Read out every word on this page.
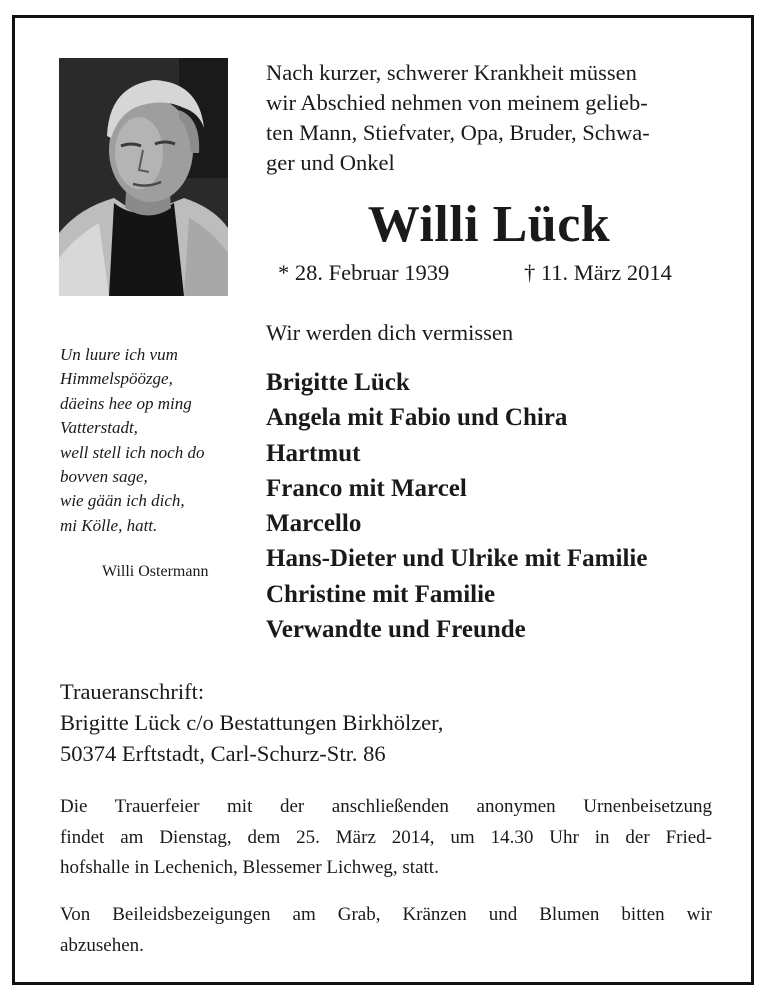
Nach kurzer, schwerer Krankheit müssen
wir Abschied nehmen von meinem gelieb-
ten Mann, Stiefvater, Opa, Bruder, Schwa-
ger und Onkel
Willi Lück
* 28. Februar 1939	† 11. März 2014
Wir werden dich vermissen
Brigitte Lück
Angela mit Fabio und Chira
Hartmut
Franco mit Marcel
Marcello
Hans-Dieter und Ulrike mit Familie
Christine mit Familie
Verwandte und Freunde
Un luure ich vum
Himmelspöözge,
däeins hee op ming
Vatterstadt,
well stell ich noch do
bovven sage,
wie gään ich dich,
mi Kölle, hatt.
Willi Ostermann
Traueranschrift:
Brigitte Lück c/o Bestattungen Birkhölzer,
50374 Erftstadt, Carl-Schurz-Str. 86
Die Trauerfeier mit der anschließenden anonymen Urnenbeisetzung
findet am Dienstag, dem 25. März 2014, um 14.30 Uhr in der Fried-
hofshalle in Lechenich, Blessemer Lichweg, statt.
Von Beileidsbezeigungen am Grab, Kränzen und Blumen bitten wir
abzusehen.
